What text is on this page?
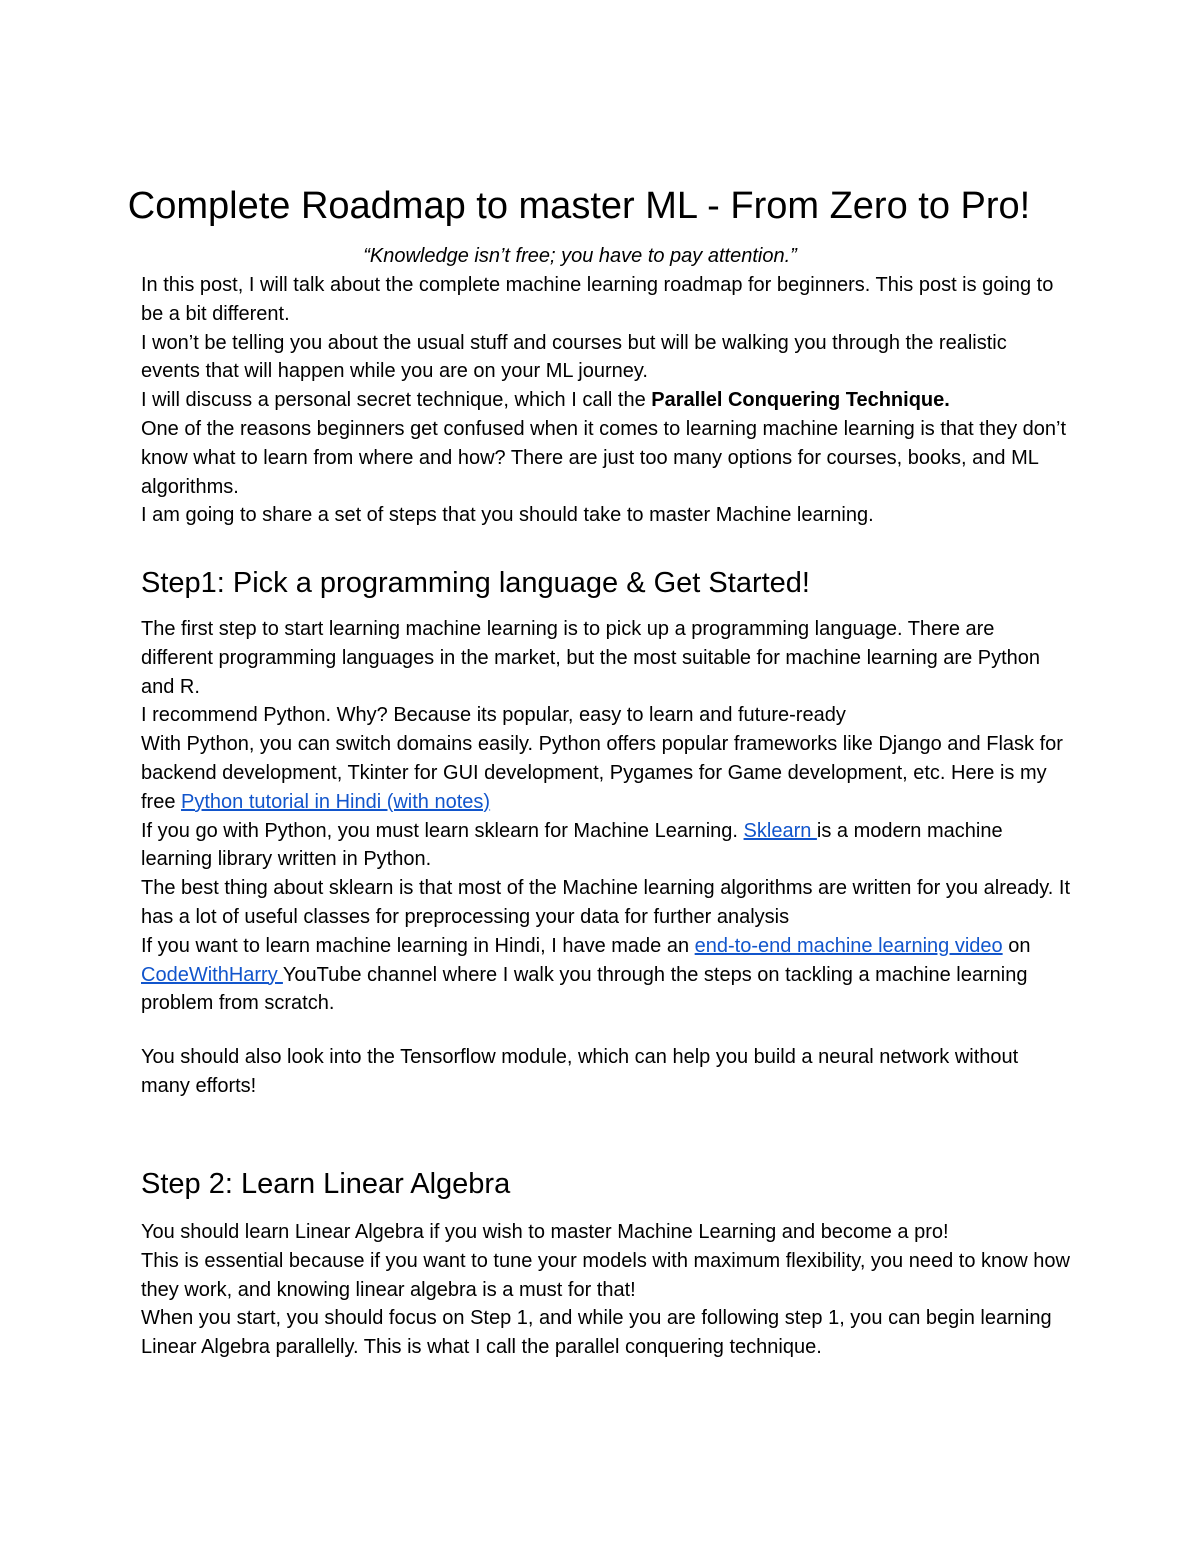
Complete Roadmap to master ML - From Zero to Pro!

“Knowledge isn’t free; you have to pay attention.”

In this post, I will talk about the complete machine learning roadmap for beginners. This post is going to be a bit different.

I won’t be telling you about the usual stuff and courses but will be walking you through the realistic events that will happen while you are on your ML journey.

I will discuss a personal secret technique, which I call the Parallel Conquering Technique.

One of the reasons beginners get confused when it comes to learning machine learning is that they don’t know what to learn from where and how? There are just too many options for courses, books, and ML algorithms.

I am going to share a set of steps that you should take to master Machine learning.

Step1: Pick a programming language & Get Started!

The first step to start learning machine learning is to pick up a programming language. There are different programming languages in the market, but the most suitable for machine learning are Python and R.

I recommend Python. Why? Because its popular, easy to learn and future-ready

With Python, you can switch domains easily. Python offers popular frameworks like Django and Flask for backend development, Tkinter for GUI development, Pygames for Game development, etc. Here is my free Python tutorial in Hindi (with notes)

If you go with Python, you must learn sklearn for Machine Learning. Sklearn is a modern machine learning library written in Python.

The best thing about sklearn is that most of the Machine learning algorithms are written for you already. It has a lot of useful classes for preprocessing your data for further analysis

If you want to learn machine learning in Hindi, I have made an end-to-end machine learning video on CodeWithHarry YouTube channel where I walk you through the steps on tackling a machine learning problem from scratch.

You should also look into the Tensorflow module, which can help you build a neural network without many efforts!

Step 2: Learn Linear Algebra

You should learn Linear Algebra if you wish to master Machine Learning and become a pro!

This is essential because if you want to tune your models with maximum flexibility, you need to know how they work, and knowing linear algebra is a must for that!

When you start, you should focus on Step 1, and while you are following step 1, you can begin learning Linear Algebra parallelly. This is what I call the parallel conquering technique.
